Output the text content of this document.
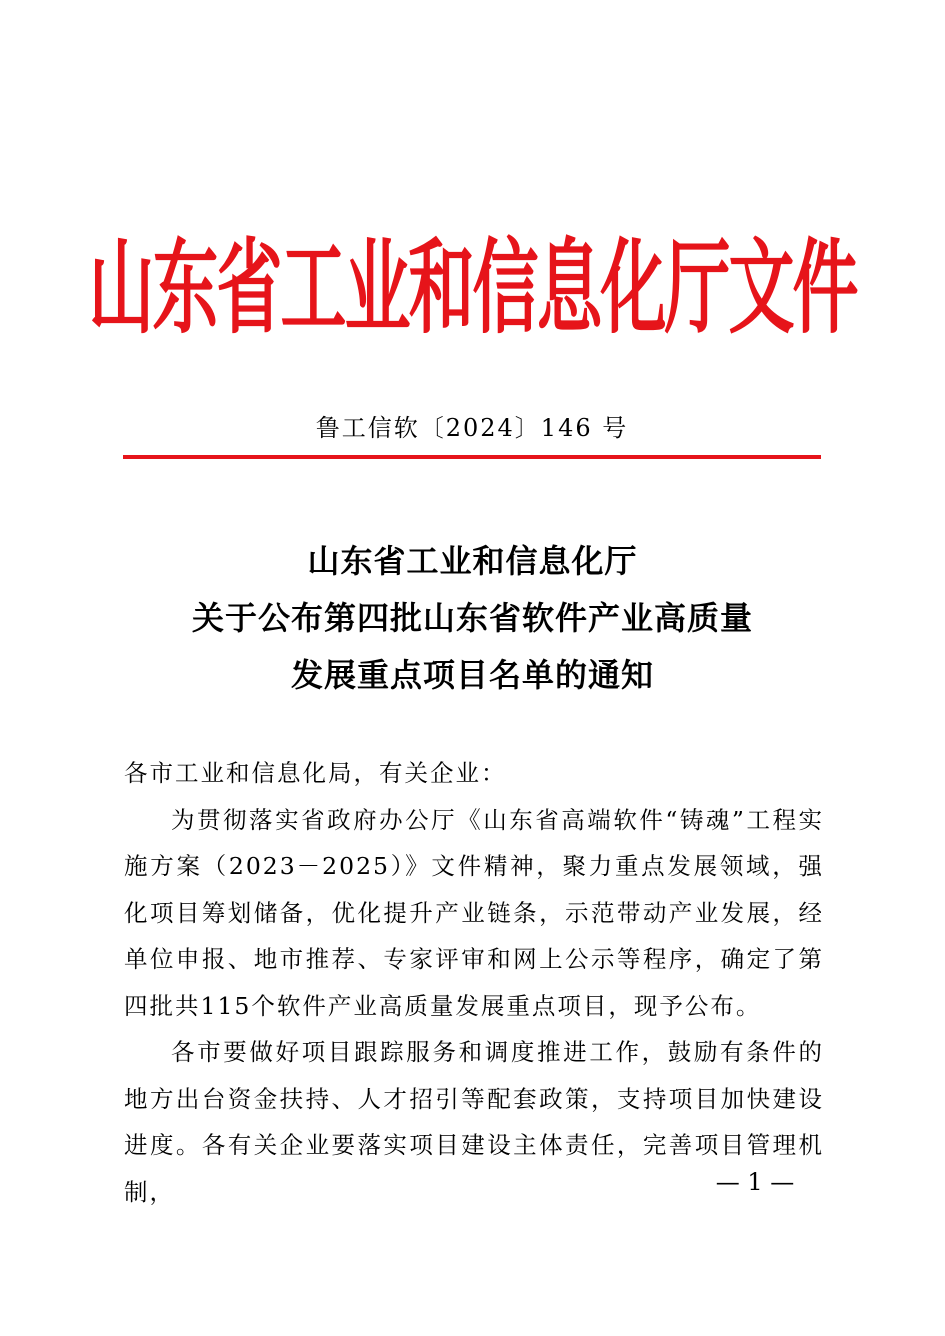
山东省工业和信息化厅文件
鲁工信软〔2024〕146 号
山东省工业和信息化厅
关于公布第四批山东省软件产业高质量
发展重点项目名单的通知

各市工业和信息化局，有关企业：

为贯彻落实省政府办公厅《山东省高端软件“铸魂”工程实施方案（2023－2025）》文件精神，聚力重点发展领域，强化项目筹划储备，优化提升产业链条，示范带动产业发展，经单位申报、地市推荐、专家评审和网上公示等程序，确定了第四批共115个软件产业高质量发展重点项目，现予公布。

各市要做好项目跟踪服务和调度推进工作，鼓励有条件的地方出台资金扶持、人才招引等配套政策，支持项目加快建设进度。各有关企业要落实项目建设主体责任，完善项目管理机制，	— 1 —
